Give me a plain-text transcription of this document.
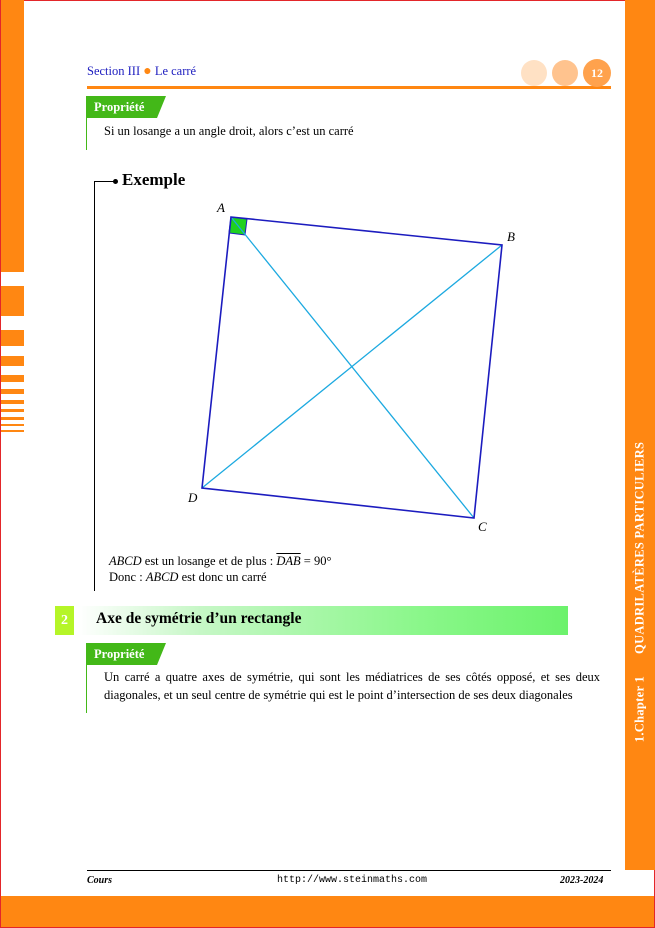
1.Chapter 1QUADRILATÈRES PARTICULIERS
Section III ● Le carré	12
Propriété
Si un losange a un angle droit, alors c’est un carré
Exemple
A
B
C
D
ABCD est un losange et de plus : $\overline{DAB} = 90^\circ$
Donc : ABCD est donc un carré
2	Axe de symétrie d’un rectangle
Propriété
Un carré a quatre axes de symétrie, qui sont les médiatrices de ses côtés opposé, et ses deux
diagonales, et un seul centre de symétrie qui est le point d’intersection de ses deux diagonales
Cours	http://www.steinmaths.com	2023-2024
